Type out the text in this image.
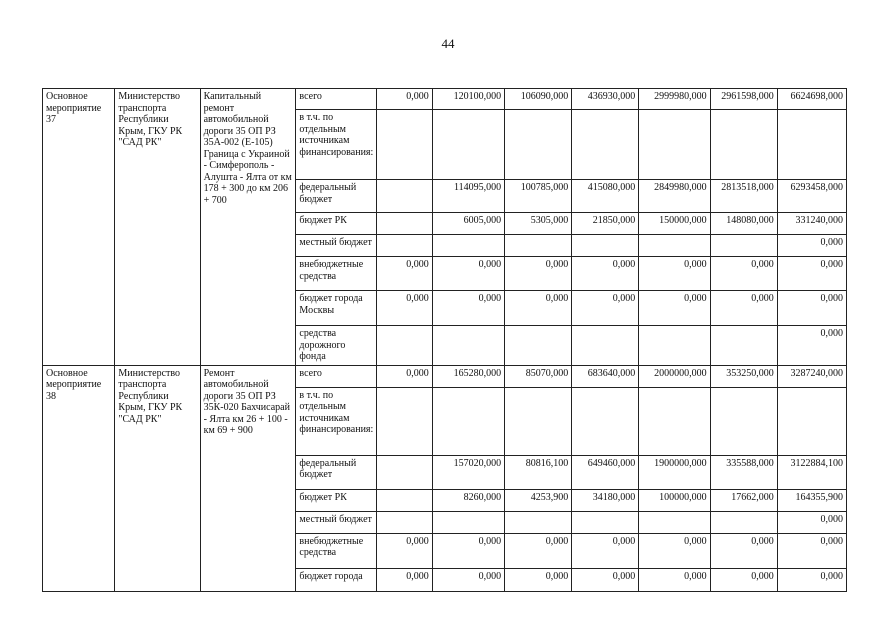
44
Основное мероприятие 37	Министерство транспорта Республики Крым, ГКУ РК "САД РК"	Капитальный ремонт автомобильной дороги 35 ОП РЗ 35А-002 (Е-105) Граница с Украиной - Симферополь - Алушта - Ялта от км 178 + 300 до км 206 + 700	всего	0,000	120100,000	106090,000	436930,000	2999980,000	2961598,000	6624698,000
			в т.ч. по отдельным источникам финансирования:							
			федеральный бюджет		114095,000	100785,000	415080,000	2849980,000	2813518,000	6293458,000
			бюджет РК		6005,000	5305,000	21850,000	150000,000	148080,000	331240,000
			местный бюджет							0,000
			внебюджетные средства	0,000	0,000	0,000	0,000	0,000	0,000	0,000
			бюджет города Москвы	0,000	0,000	0,000	0,000	0,000	0,000	0,000
			средства дорожного фонда							0,000
Основное мероприятие 38	Министерство транспорта Республики Крым, ГКУ РК "САД РК"	Ремонт автомобильной дороги 35 ОП РЗ 35К-020 Бахчисарай - Ялта км 26 + 100 - км 69 + 900	всего	0,000	165280,000	85070,000	683640,000	2000000,000	353250,000	3287240,000
			в т.ч. по отдельным источникам финансирования:							
			федеральный бюджет		157020,000	80816,100	649460,000	1900000,000	335588,000	3122884,100
			бюджет РК		8260,000	4253,900	34180,000	100000,000	17662,000	164355,900
			местный бюджет							0,000
			внебюджетные средства	0,000	0,000	0,000	0,000	0,000	0,000	0,000
			бюджет города	0,000	0,000	0,000	0,000	0,000	0,000	0,000
